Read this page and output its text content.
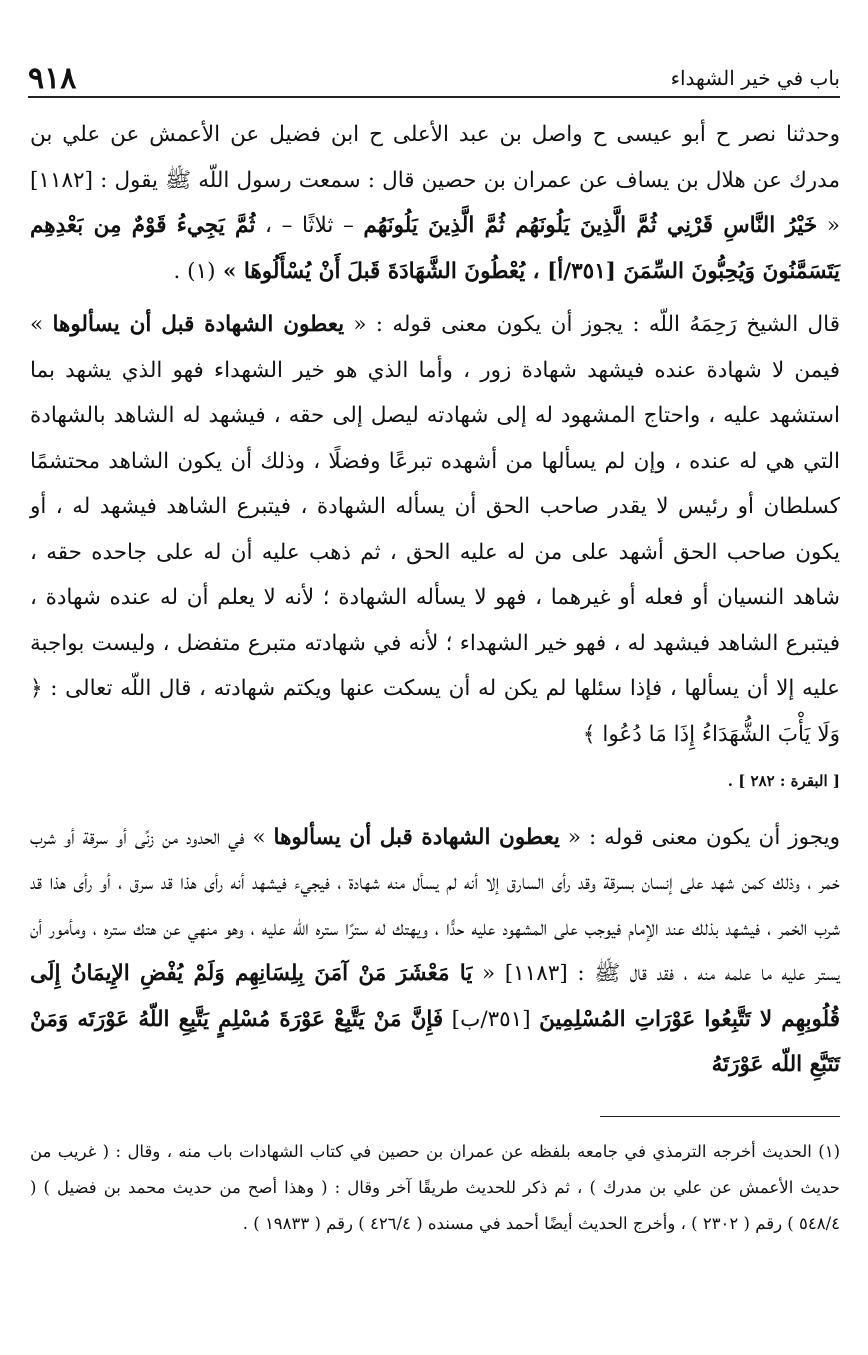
باب في خير الشهداء
٩١٨

وحدثنا نصر ح أبو عيسى ح واصل بن عبد الأعلى ح ابن فضيل عن الأعمش عن علي بن مدرك عن هلال بن يساف عن عمران بن حصين قال : سمعت رسول اللّه ﷺ يقول : [١١٨٢] « خَيْرُ النَّاسِ قَرْنِي ثُمَّ الَّذِينَ يَلُونَهُم ثُمَّ الَّذِينَ يَلُونَهُم – ثلاثًا – ، ثُمَّ يَجِيءُ قَوْمٌ مِن بَعْدِهِم يَتَسَمَّنُونَ وَيُحِبُّونَ السِّمَنَ [٣٥١/أ] ، يُعْطُونَ الشَّهَادَةَ قَبلَ أَنْ يُسْأَلُوهَا » (١) .

قال الشيخ رَحِمَهُ اللّه : يجوز أن يكون معنى قوله : « يعطون الشهادة قبل أن يسألوها » فيمن لا شهادة عنده فيشهد شهادة زور ، وأما الذي هو خير الشهداء فهو الذي يشهد بما استشهد عليه ، واحتاج المشهود له إلى شهادته ليصل إلى حقه ، فيشهد له الشاهد بالشهادة التي هي له عنده ، وإن لم يسألها من أشهده تبرعًا وفضلًا ، وذلك أن يكون الشاهد محتشمًا كسلطان أو رئيس لا يقدر صاحب الحق أن يسأله الشهادة ، فيتبرع الشاهد فيشهد له ، أو يكون صاحب الحق أشهد على من له عليه الحق ، ثم ذهب عليه أن له على جاحده حقه ، شاهد النسيان أو فعله أو غيرهما ، فهو لا يسأله الشهادة ؛ لأنه لا يعلم أن له عنده شهادة ، فيتبرع الشاهد فيشهد له ، فهو خير الشهداء ؛ لأنه في شهادته متبرع متفضل ، وليست بواجبة عليه إلا أن يسألها ، فإذا سئلها لم يكن له أن يسكت عنها ويكتم شهادته ، قال اللّه تعالى : ﴿ وَلَا يَأْبَ الشُّهَدَاءُ إِذَا مَا دُعُوا ﴾
[ البقرة : ٢٨٢ ] .

ويجوز أن يكون معنى قوله : « يعطون الشهادة قبل أن يسألوها » في الحدود من زنًى أو سرقة أو شرب خمر ، وذلك كمن شهد على إنسان بسرقة وقد رأى السارق إلا أنه لم يسأل منه شهادة ، فيجيء فيشهد أنه رأى هذا قد سرق ، أو رأى هذا قد شرب الخمر ، فيشهد بذلك عند الإمام فيوجب على المشهود عليه حدًّا ، ويهتك له سترًا ستره اللّه عليه ، وهو منهي عن هتك ستره ، ومأمور أن يستر عليه ما علمه منه ، فقد قال ﷺ : [١١٨٣] « يَا مَعْشَرَ مَنْ آمَنَ بِلِسَانِهِم وَلَمْ يُفْضِ الإِيمَانُ إِلَى قُلُوبِهِم لا تَتَّبِعُوا عَوْرَاتِ المُسْلِمِينَ [٣٥١/ب] فَإِنَّ مَنْ يَتَّبِعْ عَوْرَةَ مُسْلِمٍ يَتَّبِعِ اللّهُ عَوْرَتَه وَمَنْ تَتَبَّعِ اللّه عَوْرَتَهُ

(١) الحديث أخرجه الترمذي في جامعه بلفظه عن عمران بن حصين في كتاب الشهادات باب منه ، وقال : ( غريب من حديث الأعمش عن علي بن مدرك ) ، ثم ذكر للحديث طريقًا آخر وقال : ( وهذا أصح من حديث محمد بن فضيل ) ( ٥٤٨/٤ ) رقم ( ٢٣٠٢ ) ، وأخرج الحديث أيضًا أحمد في مسنده ( ٤٢٦/٤ ) رقم ( ١٩٨٣٣ ) .
